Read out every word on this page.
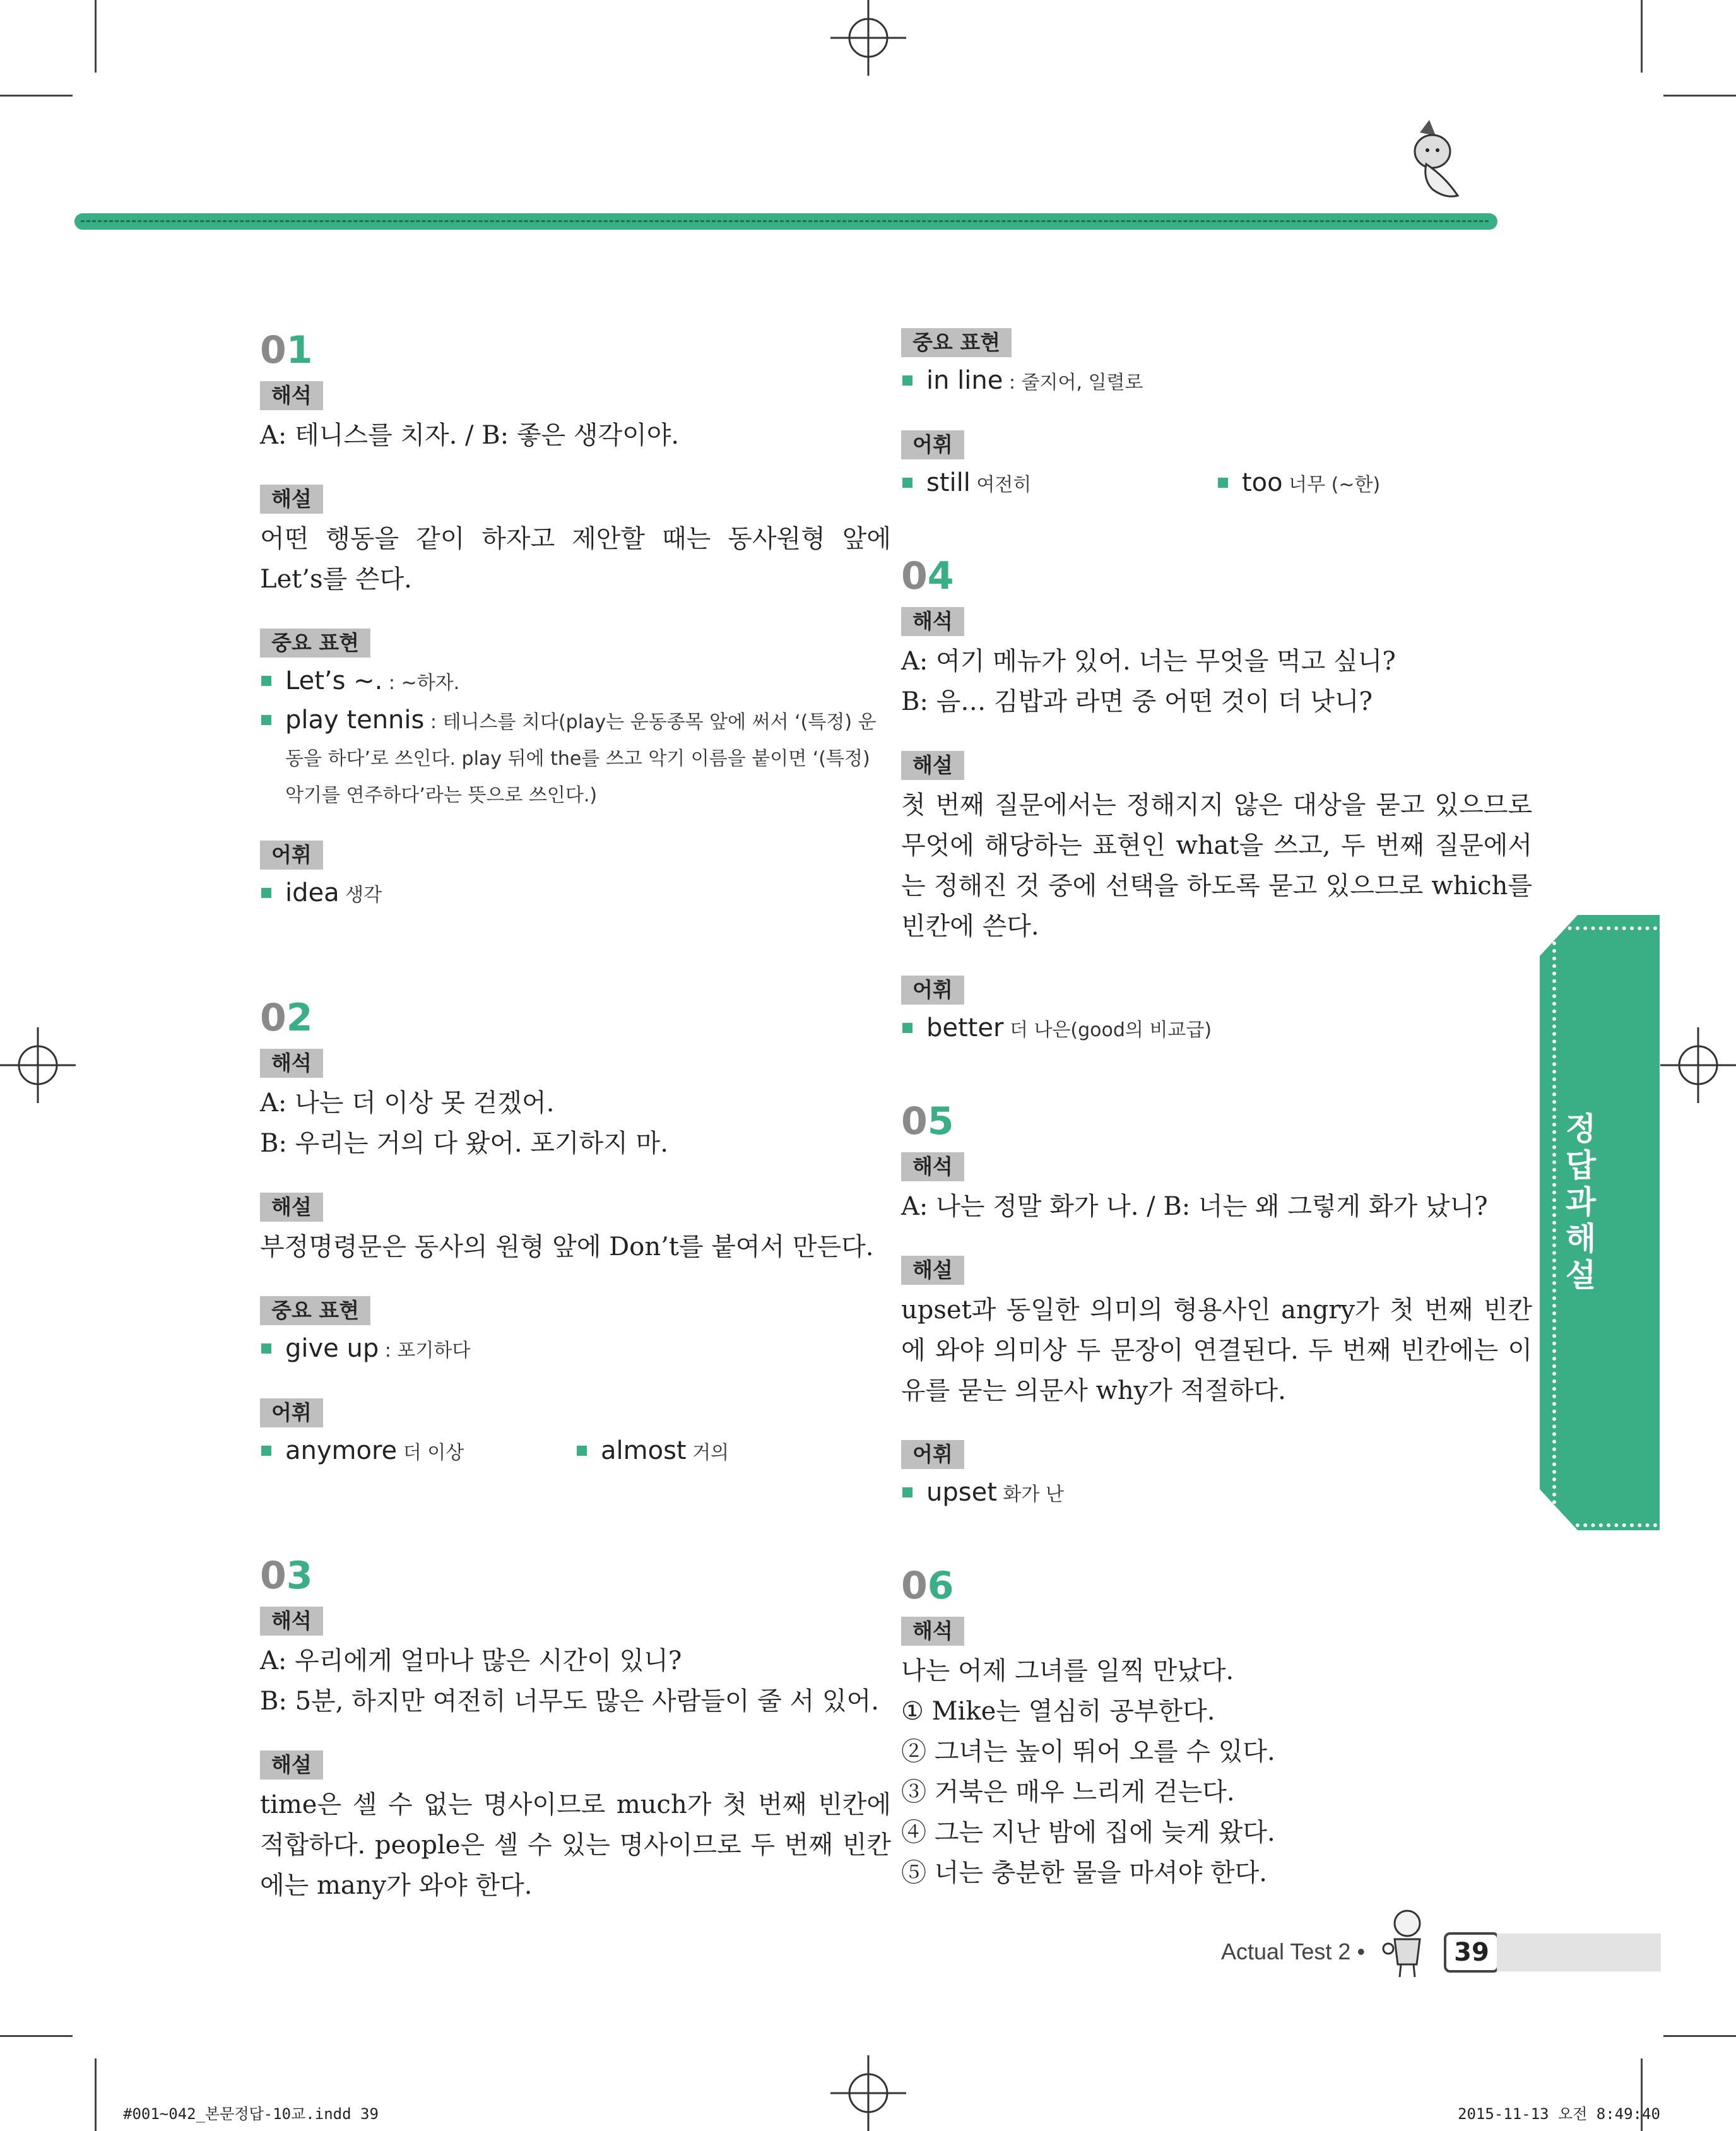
01
해석

A: 테니스를 치자. / B: 좋은 생각이야.

해설

어떤 행동을 같이 하자고 제안할 때는 동사원형 앞에 Let’s를 쓴다.

중요 표현
Let’s ~. : ~하자.
play tennis : 테니스를 치다(play는 운동종목 앞에 써서 ‘(특정) 운동을 하다’로 쓰인다. play 뒤에 the를 쓰고 악기 이름을 붙이면 ‘(특정) 악기를 연주하다’라는 뜻으로 쓰인다.)
어휘
idea 생각
02
해석

A: 나는 더 이상 못 걷겠어.

B: 우리는 거의 다 왔어. 포기하지 마.

해설

부정명령문은 동사의 원형 앞에 Don’t를 붙여서 만든다.

중요 표현
give up : 포기하다
어휘
anymore 더 이상	almost 거의
03
해석

A: 우리에게 얼마나 많은 시간이 있니?

B: 5분, 하지만 여전히 너무도 많은 사람들이 줄 서 있어.

해설

time은 셀 수 없는 명사이므로 much가 첫 번째 빈칸에 적합하다. people은 셀 수 있는 명사이므로 두 번째 빈칸에는 many가 와야 한다.

중요 표현
in line : 줄지어, 일렬로
어휘
still 여전히	too 너무 (~한)
04
해석

A: 여기 메뉴가 있어. 너는 무엇을 먹고 싶니?

B: 음… 김밥과 라면 중 어떤 것이 더 낫니?

해설

첫 번째 질문에서는 정해지지 않은 대상을 묻고 있으므로 무엇에 해당하는 표현인 what을 쓰고, 두 번째 질문에서는 정해진 것 중에 선택을 하도록 묻고 있으므로 which를 빈칸에 쓴다.

어휘
better 더 나은(good의 비교급)
05
해석

A: 나는 정말 화가 나. / B: 너는 왜 그렇게 화가 났니?

해설

upset과 동일한 의미의 형용사인 angry가 첫 번째 빈칸에 와야 의미상 두 문장이 연결된다. 두 번째 빈칸에는 이유를 묻는 의문사 why가 적절하다.

어휘
upset 화가 난
06
해석

나는 어제 그녀를 일찍 만났다.

① Mike는 열심히 공부한다.

② 그녀는 높이 뛰어 오를 수 있다.

③ 거북은 매우 느리게 걷는다.

④ 그는 지난 밤에 집에 늦게 왔다.

⑤ 너는 충분한 물을 마셔야 한다.

정답과 해설
Actual Test 2 •	39
#001~042_본문정답-10교.indd 39	2015-11-13 오전 8:49:40
